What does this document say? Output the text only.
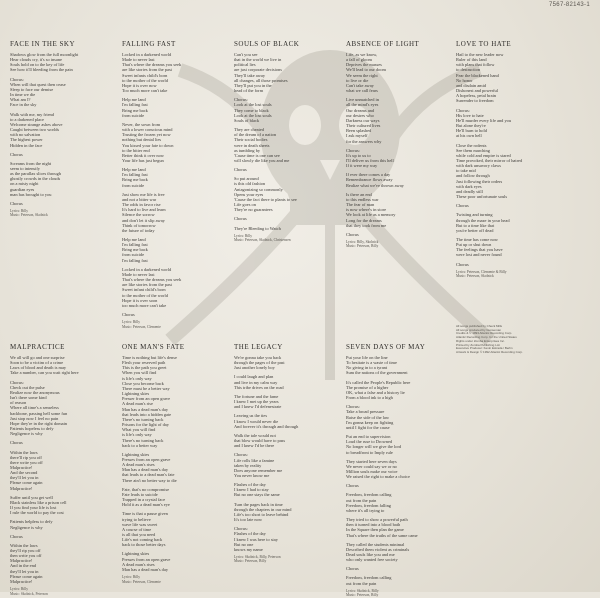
7567-82143-1
FACE IN THE SKY
Shadows glow from the full moonlight
Hear clouds cry, it's so insane
Souls hold on to the key of life
See how it'll bleeding from the pain
Chorus:
When will that quest then cease
Sleep to face our demise
In time we die
What am I?
Face in the sky
Walk with me, my friend
to a darkened place
Welcome strange ashes above
Caught between two worlds
with no salvation
The highest power
Hidden in the face
Chorus
Screams from the night
seem to intensify
as the parallax slices through
ghostly crowds in the clouds
on a misty night
guardian eyes
man has brought to you
Chorus
Lyrics: Billy
Music: Peterson, Skolnick
FALLING FAST
Locked in a darkened world
Made to never last
That's where the dreams you seek
are like stories from the past
Sweet infants child's born
to the mother of the world
Hope it is over now
Too much more can't take
Help me land
I'm falling fast
Bring me back
from suicide
Never, the sown from
with a lower conscious mind
Trusting the frozen yet now
nothing but denial lies
You kissed your fate to down
to the bitter end
Better think it over now
Your life has just begun
Help me land
I'm falling fast
Bring me back
from suicide
Just show me life is free
and not a bitter war
The odds in favor rise
It's hard to live and learn
Silence the sorrow
and don't let it slip away
Think of tomorrow
the future of today
Help me land
I'm falling fast
Bring me back
from suicide
I'm falling fast
Locked in a darkened world
Made to never last
That's where the dreams you seek
are like stories from the past
Sweet infant child's born
to the mother of the world
Hope it is over soon
too much more can't take
Chorus
Lyrics: Billy
Music: Peterson, Clemente
SOULS OF BLACK
Can't you see
that in the world we live in
political lies
are just corporate decisions
They'll take away
all changes, all those promises
They'll put you in the
head of the form
Chorus:
Look at the lost souls
They come to black
Look at the lost souls
Souls of black
They are cheated
of the dream of a nation
Their social bodies
were in death sheets
as tumbling by
'Cause time is one can see
will slowly die like you and me
Chorus
So put around
is this old fashion
Antagonizing so commonly
Opens your eyes
'Cause the fact there to plants to see
Life goes on
They're no guarantees
Chorus
They're Bleeding to Watch
Lyrics: Billy
Music: Peterson, Skolnick, Christensen
ABSENCE OF LIGHT
Life, as we know,
a fall of gloom
Deprives the masses
We'll lead to our doom
We seem the right
to live or die
Can't take away
what we call fears
Live unmatched in
all the mind's eyes
Our dreams and
our desires who
Darkness our ways
Their cultured lives
Been splashed
I ask myself
for the answers why
Chorus:
It's up to us to
I'll deliver us from this hell
If it were my way
If ever there comes a day
Remembrance flows away
Realize what we've thrown away
Is there an end
to this endless war
The fear of man
is now where's in store
We look at life as a memory
Long for the dreams
that they took from me
Chorus
Lyrics: Billy, Skolnick
Music: Peterson, Billy
LOVE TO HATE
Hail to the new leader now
Ruler of this land
with plans that follow
to destruction
Fear the blackened hand
No honor
and disdain amid
Dishonest and powerful
A hopeless, petal brain
Surrender to freedom
Chorus:
His love to hate
He'll murder every life and you
But alone they're
He'll burn to hold
at his own hell
Close the rodents
See them marching
while cold and empire is stared
Time provoked, their mirror of hatred
with dark unsavory claws
to take mid
and follow through
Just following their orders
with dark eyes
and deadly still
These poor unfortunate souls
Chorus
Twisting and turning
through the maze in your head
But to a time like that
you're better off dead
The time has come now
Put up or shut down
The feelings that you have
were lost and never found
Chorus
Lyrics: Peterson, Clemente & Billy
Music: Peterson, Skolnick
MALPRACTICE
We all will go and one surprise
Soon to be a victim of a crime
Laws of blood and death is may
Take a number, can you wait right here
Chorus:
Check out the pulse
Realize now the anonymous
Isn't there some kind
of reason
Where all time's a senseless
backbone, passing hell some fun
Just stop now I feel no pain
Hope they're in the right domain
Patients hopeless to defy
Negligence is why
Chorus
Within the laws
there'll rip you off
there write you off
Malpractice!
And the second
they'll let you in
Please come again
Malpractice!
Suffer until you get well
Black stainless like a prison cell
If you find your life is lost
I rule the world to pay the cost
Patients helpless to defy
Negligence is why
Chorus
Within the laws
they'll rip you off
then write you off
Malpractice!
And in the end
they'll let you in
Please come again
Malpractice!
Lyrics: Billy
Music: Skolnick, Peterson
ONE MAN'S FATE
Time is nothing but life's dense
Flesh your reserved path
This is the path you greet
When you will find
is life's only way
Close you become back
There must be a better way
Lightning skies
Presser from an open grave
A dead man's rise
Man has a dead man's day
that leads into a hidden gate
There's no turning back
Prisons for the light of day
What you will find
is life's only way
There's no turning back
back to a better way
Lightning skies
Presses from an open grave
A dead man's rises
Man has a dead man's day
that leads to a dead man's fate
There ain't no better way to die
Fate, that's no compromise
Fate leads to suicide
Trapped in a crystal face
Hold it as a dead man's eye
Time is that a pause given
trying to believe
wave life was sweet
A course of time
is all that you need
Life's not coming back
back to those better days
Lightning skies
Presses from an open grave
A dead man's rises
Man has a dead man's day
Lyrics: Billy
Music: Peterson, Clemente
THE LEGACY
We're gonna take you back
through the pages of the past
Just another lonely boy
I could laugh and plan
and live in my calm way
This tribe drives on the road
The fortune and the fame
I knew I met up the years
and I knew I'd defenestrate
Leaving us the ties
I know I would never die
And forever it's through and through
Walk the tale would not
that blow would have to pass
and I knew I'd be there
Chorus:
Life rolls like a famine
taken by reality
Does anyone remember me
You never know me
Flashes of the day
I knew I had to stay
But no one stays the same
Turn the pages back in time
through the chapters in our mind
Life's too short to leave behind
It's too late now
Chorus:
Flashes of the day
I knew I was here to stay
But no one
knows my name
Lyrics: Skolnick, Billy, Peterson
Music: Peterson, Billy
SEVEN DAYS OF MAY
Put your life on the line
To hesitate is a waste of time
No giving in to a tyrant
Sum the nations of the government
It's called the People's Republic here
The promise of a higher
OK, what a false and a history lie
From a blood ink to a high
Chorus:
Take a broad pressure
Raise the side of the law
I'm gonna keep on fighting
until I fight for the cause
Put an end to supervision
Loud the ruse to Drowned
No longer will we give the lord
to breadfront to Imply rule
They started here seven days
We never could say we or no
Million souls make our voice
We raised the right to make a choice
Chorus
Freedom, freedom calling
out from the pain
Freedom, freedom falling
where it's all trying to
They tried to show a powerful path
then it turned into a blood bath
In the Square then plan the game
That's where the truths of the same came
They called the students minimal
Described them violent as criminals
Dead souls like you and me
who only wanted free society
Chorus
Freedom, freedom calling
out from the pain
Lyrics: Skolnick, Billy
Music: Peterson, Billy
All songs published by Check Mills
All songs produced by Gunseman
Credits & © 1993 Atlantic Recording Corp.
Atlantic Recording Corp. for the United States
Rights under Zomba Enterprises Inc.
Printed by Zomba Publishing Ltd.
Executive Producer: Kevin Estrada / Berlin
Artwork & Design © 1992 Atlantic Recording Corp.
